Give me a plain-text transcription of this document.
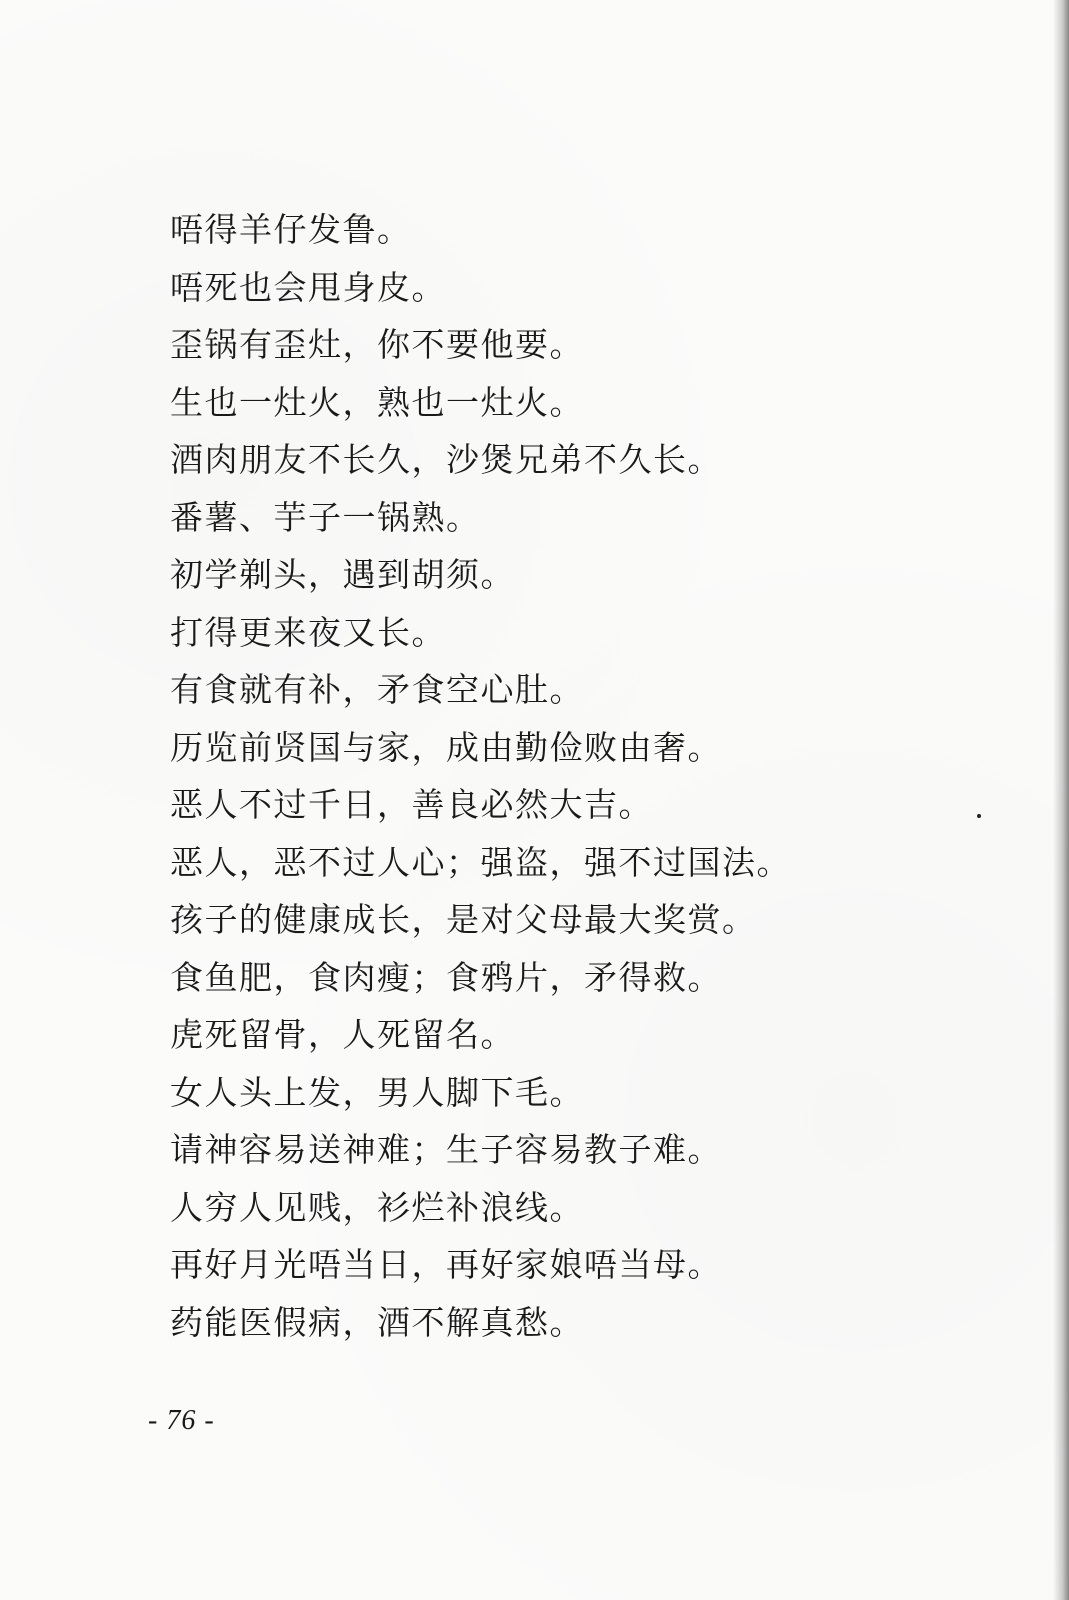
唔得羊仔发鲁。
唔死也会甩身皮。
歪锅有歪灶，你不要他要。
生也一灶火，熟也一灶火。
酒肉朋友不长久，沙煲兄弟不久长。
番薯、芋子一锅熟。
初学剃头，遇到胡须。
打得更来夜又长。
有食就有补，矛食空心肚。
历览前贤国与家，成由勤俭败由奢。
恶人不过千日，善良必然大吉。
恶人，恶不过人心；强盗，强不过国法。
孩子的健康成长，是对父母最大奖赏。
食鱼肥，食肉瘦；食鸦片，矛得救。
虎死留骨，人死留名。
女人头上发，男人脚下毛。
请神容易送神难；生子容易教子难。
人穷人见贱，衫烂补浪线。
再好月光唔当日，再好家娘唔当母。
药能医假病，酒不解真愁。
- 76 -
